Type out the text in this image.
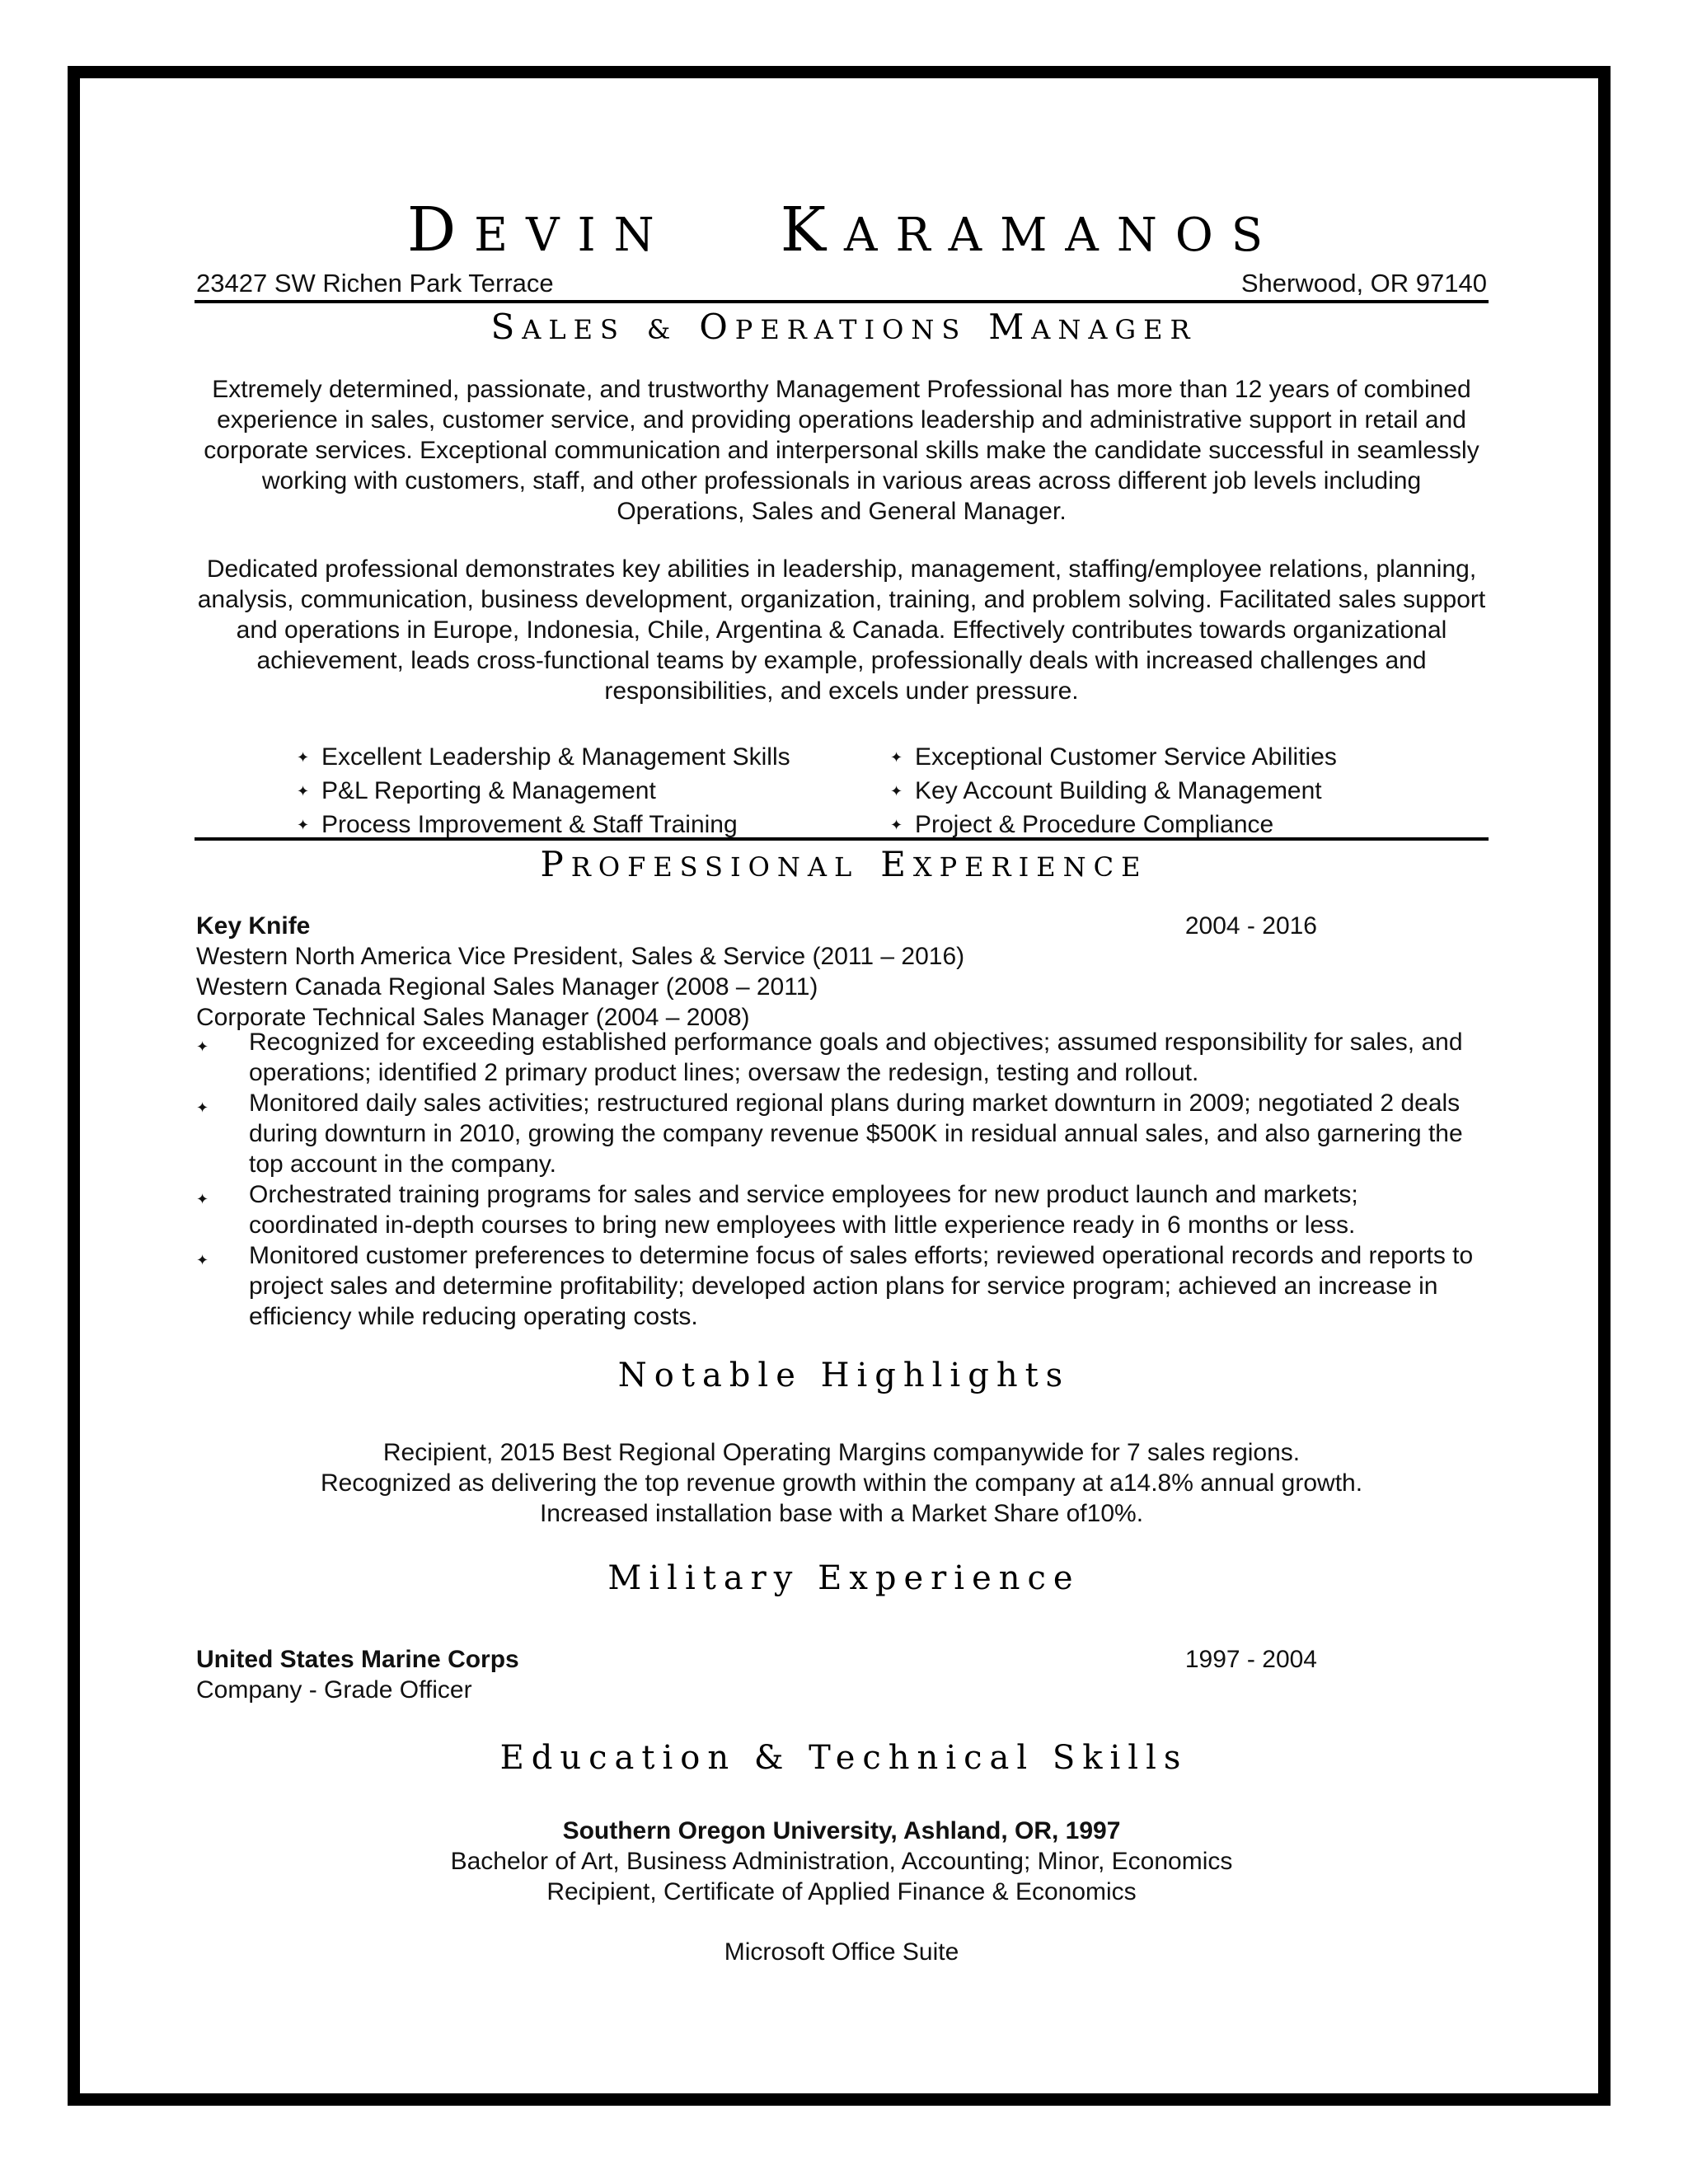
DEVIN KARAMANOS
23427 SW Richen Park Terrace	Sherwood, OR 97140
SALES & OPERATIONS MANAGER
Extremely determined, passionate, and trustworthy Management Professional has more than 12 years of combined experience in sales, customer service, and providing operations leadership and administrative support in retail and corporate services. Exceptional communication and interpersonal skills make the candidate successful in seamlessly working with customers, staff, and other professionals in various areas across different job levels including Operations, Sales and General Manager.
Dedicated professional demonstrates key abilities in leadership, management, staffing/employee relations, planning, analysis, communication, business development, organization, training, and problem solving. Facilitated sales support and operations in Europe, Indonesia, Chile, Argentina & Canada. Effectively contributes towards organizational achievement, leads cross-functional teams by example, professionally deals with increased challenges and responsibilities, and excels under pressure.
✦ Excellent Leadership & Management Skills	✦ Exceptional Customer Service Abilities
✦ P&L Reporting & Management	✦ Key Account Building & Management
✦ Process Improvement & Staff Training	✦ Project & Procedure Compliance
PROFESSIONAL EXPERIENCE
Key Knife	2004 - 2016
Western North America Vice President, Sales & Service (2011 – 2016)
Western Canada Regional Sales Manager (2008 – 2011)
Corporate Technical Sales Manager (2004 – 2008)
✦	Recognized for exceeding established performance goals and objectives; assumed responsibility for sales, and operations; identified 2 primary product lines; oversaw the redesign, testing and rollout.
✦	Monitored daily sales activities; restructured regional plans during market downturn in 2009; negotiated 2 deals during downturn in 2010, growing the company revenue $500K in residual annual sales, and also garnering the top account in the company.
✦	Orchestrated training programs for sales and service employees for new product launch and markets; coordinated in-depth courses to bring new employees with little experience ready in 6 months or less.
✦	Monitored customer preferences to determine focus of sales efforts; reviewed operational records and reports to project sales and determine profitability; developed action plans for service program; achieved an increase in efficiency while reducing operating costs.
Notable Highlights
Recipient, 2015 Best Regional Operating Margins companywide for 7 sales regions.
Recognized as delivering the top revenue growth within the company at a14.8% annual growth.
Increased installation base with a Market Share of10%.
Military Experience
United States Marine Corps	1997 - 2004
Company - Grade Officer
Education & Technical Skills
Southern Oregon University, Ashland, OR, 1997
Bachelor of Art, Business Administration, Accounting; Minor, Economics
Recipient, Certificate of Applied Finance & Economics
Microsoft Office Suite
